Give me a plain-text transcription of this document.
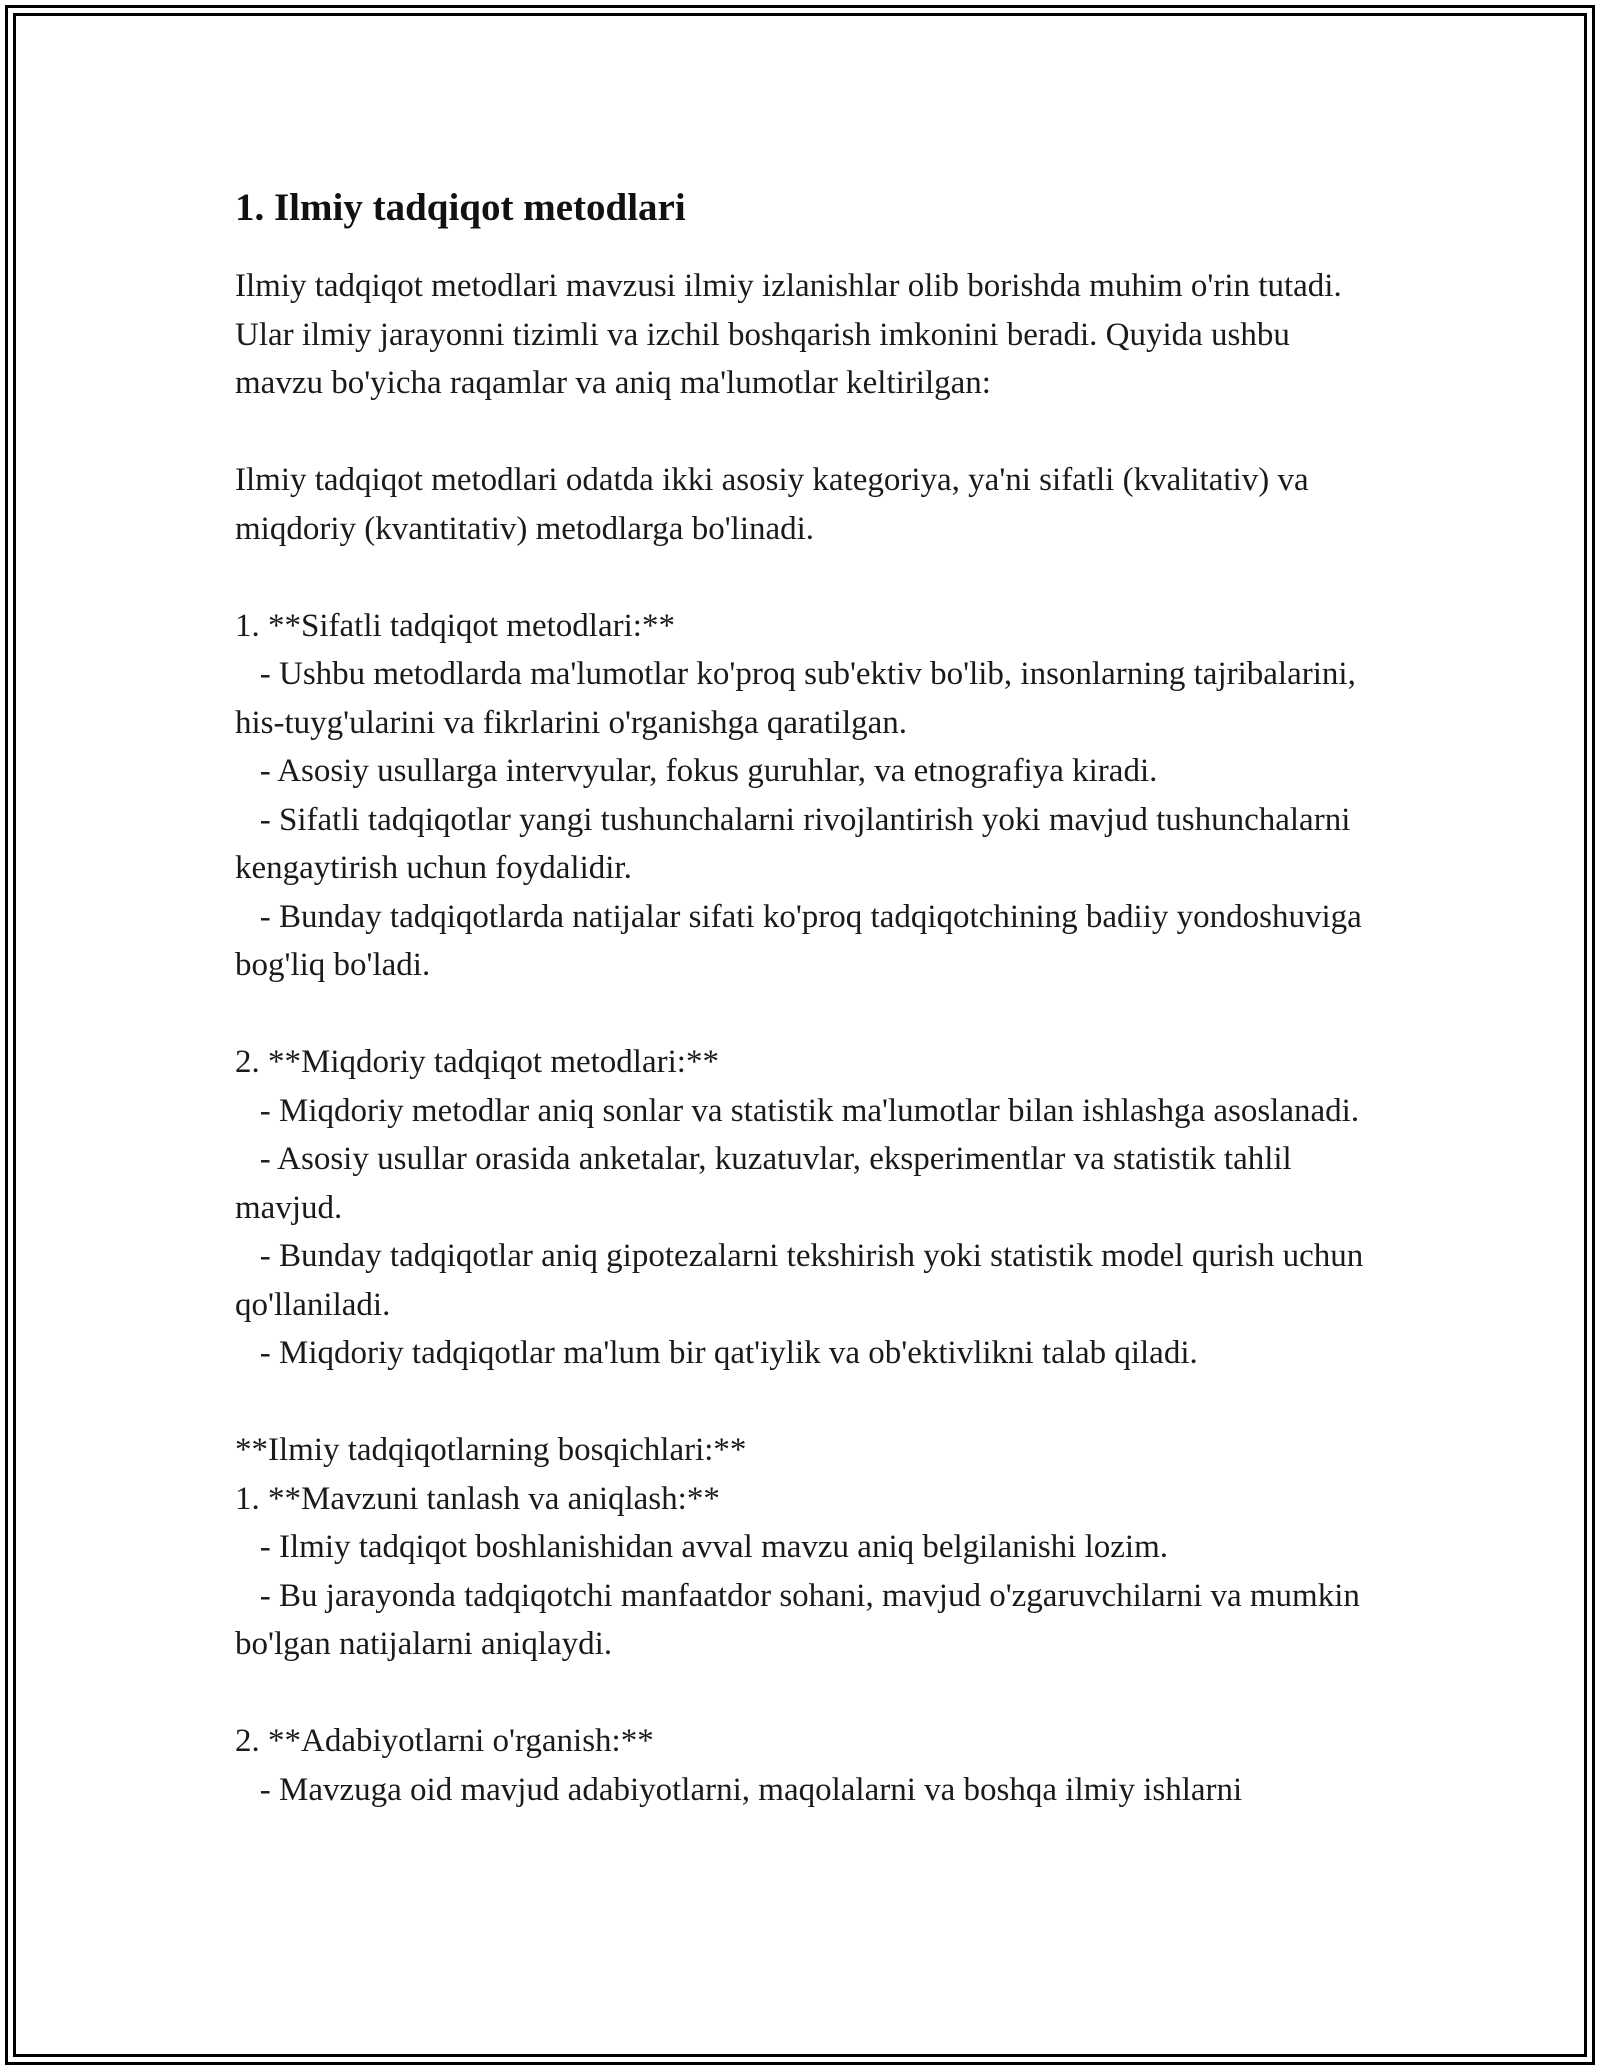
1. Ilmiy tadqiqot metodlari

Ilmiy tadqiqot metodlari mavzusi ilmiy izlanishlar olib borishda muhim o'rin tutadi. Ular ilmiy jarayonni tizimli va izchil boshqarish imkonini beradi. Quyida ushbu mavzu bo'yicha raqamlar va aniq ma'lumotlar keltirilgan:

Ilmiy tadqiqot metodlari odatda ikki asosiy kategoriya, ya'ni sifatli (kvalitativ) va miqdoriy (kvantitativ) metodlarga bo'linadi.

1. **Sifatli tadqiqot metodlari:**
- Ushbu metodlarda ma'lumotlar ko'proq sub'ektiv bo'lib, insonlarning tajribalarini, his-tuyg'ularini va fikrlarini o'rganishga qaratilgan.
- Asosiy usullarga intervyular, fokus guruhlar, va etnografiya kiradi.
- Sifatli tadqiqotlar yangi tushunchalarni rivojlantirish yoki mavjud tushunchalarni kengaytirish uchun foydalidir.
- Bunday tadqiqotlarda natijalar sifati ko'proq tadqiqotchining badiiy yondoshuviga bog'liq bo'ladi.

2. **Miqdoriy tadqiqot metodlari:**
- Miqdoriy metodlar aniq sonlar va statistik ma'lumotlar bilan ishlashga asoslanadi.
- Asosiy usullar orasida anketalar, kuzatuvlar, eksperimentlar va statistik tahlil mavjud.
- Bunday tadqiqotlar aniq gipotezalarni tekshirish yoki statistik model qurish uchun qo'llaniladi.
- Miqdoriy tadqiqotlar ma'lum bir qat'iylik va ob'ektivlikni talab qiladi.

**Ilmiy tadqiqotlarning bosqichlari:**
1. **Mavzuni tanlash va aniqlash:**
- Ilmiy tadqiqot boshlanishidan avval mavzu aniq belgilanishi lozim.
- Bu jarayonda tadqiqotchi manfaatdor sohani, mavjud o'zgaruvchilarni va mumkin bo'lgan natijalarni aniqlaydi.

2. **Adabiyotlarni o'rganish:**
- Mavzuga oid mavjud adabiyotlarni, maqolalarni va boshqa ilmiy ishlarni
